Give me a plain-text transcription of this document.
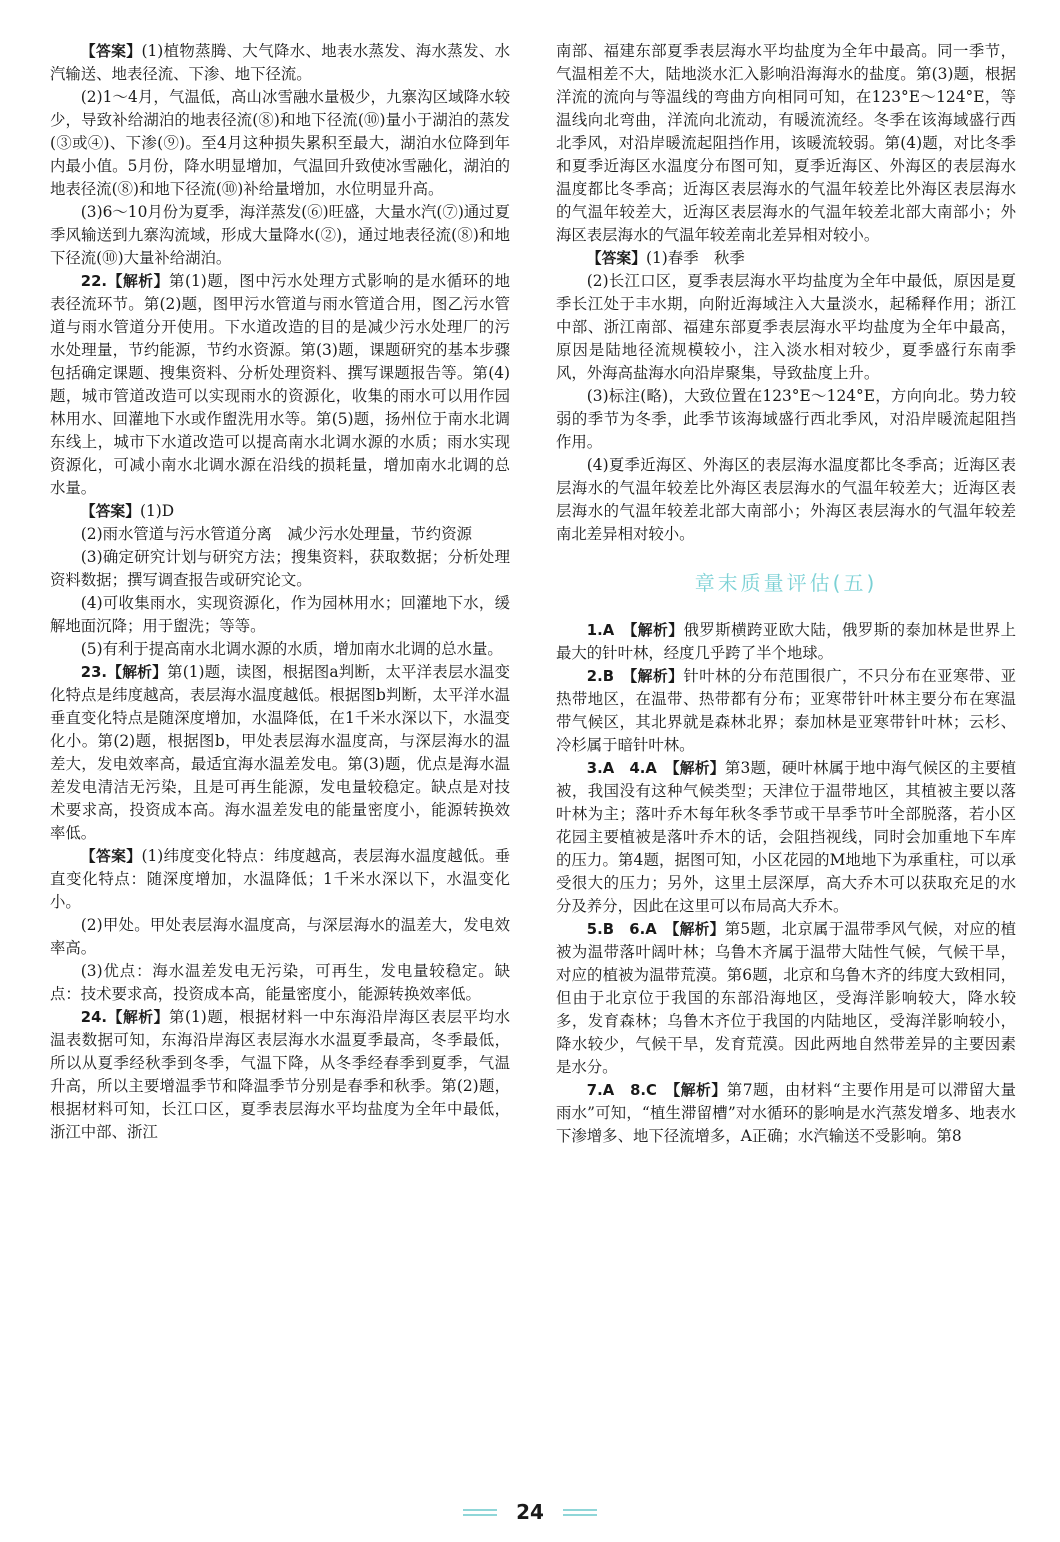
【答案】(1)植物蒸腾、大气降水、地表水蒸发、海水蒸发、水汽输送、地表径流、下渗、地下径流。

(2)1～4月，气温低，高山冰雪融水量极少，九寨沟区域降水较少，导致补给湖泊的地表径流(⑧)和地下径流(⑩)量小于湖泊的蒸发(③或④)、下渗(⑨)。至4月这种损失累积至最大，湖泊水位降到年内最小值。5月份，降水明显增加，气温回升致使冰雪融化，湖泊的地表径流(⑧)和地下径流(⑩)补给量增加，水位明显升高。

(3)6～10月份为夏季，海洋蒸发(⑥)旺盛，大量水汽(⑦)通过夏季风输送到九寨沟流域，形成大量降水(②)，通过地表径流(⑧)和地下径流(⑩)大量补给湖泊。

22.【解析】第(1)题，图中污水处理方式影响的是水循环的地表径流环节。第(2)题，图甲污水管道与雨水管道合用，图乙污水管道与雨水管道分开使用。下水道改造的目的是减少污水处理厂的污水处理量，节约能源，节约水资源。第(3)题，课题研究的基本步骤包括确定课题、搜集资料、分析处理资料、撰写课题报告等。第(4)题，城市管道改造可以实现雨水的资源化，收集的雨水可以用作园林用水、回灌地下水或作盥洗用水等。第(5)题，扬州位于南水北调东线上，城市下水道改造可以提高南水北调水源的水质；雨水实现资源化，可减小南水北调水源在沿线的损耗量，增加南水北调的总水量。

【答案】(1)D

(2)雨水管道与污水管道分离　减少污水处理量，节约资源

(3)确定研究计划与研究方法；搜集资料，获取数据；分析处理资料数据；撰写调查报告或研究论文。

(4)可收集雨水，实现资源化，作为园林用水；回灌地下水，缓解地面沉降；用于盥洗；等等。

(5)有利于提高南水北调水源的水质，增加南水北调的总水量。

23.【解析】第(1)题，读图，根据图a判断，太平洋表层水温变化特点是纬度越高，表层海水温度越低。根据图b判断，太平洋水温垂直变化特点是随深度增加，水温降低，在1千米水深以下，水温变化小。第(2)题，根据图b，甲处表层海水温度高，与深层海水的温差大，发电效率高，最适宜海水温差发电。第(3)题，优点是海水温差发电清洁无污染，且是可再生能源，发电量较稳定。缺点是对技术要求高，投资成本高。海水温差发电的能量密度小，能源转换效率低。

【答案】(1)纬度变化特点：纬度越高，表层海水温度越低。垂直变化特点：随深度增加，水温降低；1千米水深以下，水温变化小。

(2)甲处。甲处表层海水温度高，与深层海水的温差大，发电效率高。

(3)优点：海水温差发电无污染，可再生，发电量较稳定。缺点：技术要求高，投资成本高，能量密度小，能源转换效率低。

24.【解析】第(1)题，根据材料一中东海沿岸海区表层平均水温表数据可知，东海沿岸海区表层海水水温夏季最高，冬季最低，所以从夏季经秋季到冬季，气温下降，从冬季经春季到夏季，气温升高，所以主要增温季节和降温季节分别是春季和秋季。第(2)题，根据材料可知，长江口区，夏季表层海水平均盐度为全年中最低，浙江中部、浙江

南部、福建东部夏季表层海水平均盐度为全年中最高。同一季节，气温相差不大，陆地淡水汇入影响沿海海水的盐度。第(3)题，根据洋流的流向与等温线的弯曲方向相同可知，在123°E～124°E，等温线向北弯曲，洋流向北流动，有暖流流经。冬季在该海域盛行西北季风，对沿岸暖流起阻挡作用，该暖流较弱。第(4)题，对比冬季和夏季近海区水温度分布图可知，夏季近海区、外海区的表层海水温度都比冬季高；近海区表层海水的气温年较差比外海区表层海水的气温年较差大，近海区表层海水的气温年较差北部大南部小；外海区表层海水的气温年较差南北差异相对较小。

【答案】(1)春季　秋季

(2)长江口区，夏季表层海水平均盐度为全年中最低，原因是夏季长江处于丰水期，向附近海域注入大量淡水，起稀释作用；浙江中部、浙江南部、福建东部夏季表层海水平均盐度为全年中最高，原因是陆地径流规模较小，注入淡水相对较少，夏季盛行东南季风，外海高盐海水向沿岸聚集，导致盐度上升。

(3)标注(略)，大致位置在123°E～124°E，方向向北。势力较弱的季节为冬季，此季节该海域盛行西北季风，对沿岸暖流起阻挡作用。

(4)夏季近海区、外海区的表层海水温度都比冬季高；近海区表层海水的气温年较差比外海区表层海水的气温年较差大；近海区表层海水的气温年较差北部大南部小；外海区表层海水的气温年较差南北差异相对较小。

章末质量评估(五)

1.A　【解析】俄罗斯横跨亚欧大陆，俄罗斯的泰加林是世界上最大的针叶林，经度几乎跨了半个地球。

2.B　【解析】针叶林的分布范围很广，不只分布在亚寒带、亚热带地区，在温带、热带都有分布；亚寒带针叶林主要分布在寒温带气候区，其北界就是森林北界；泰加林是亚寒带针叶林；云杉、冷杉属于暗针叶林。

3.A　4.A　【解析】第3题，硬叶林属于地中海气候区的主要植被，我国没有这种气候类型；天津位于温带地区，其植被主要以落叶林为主；落叶乔木每年秋冬季节或干旱季节叶全部脱落，若小区花园主要植被是落叶乔木的话，会阻挡视线，同时会加重地下车库的压力。第4题，据图可知，小区花园的M地地下为承重柱，可以承受很大的压力；另外，这里土层深厚，高大乔木可以获取充足的水分及养分，因此在这里可以布局高大乔木。

5.B　6.A　【解析】第5题，北京属于温带季风气候，对应的植被为温带落叶阔叶林；乌鲁木齐属于温带大陆性气候，气候干旱，对应的植被为温带荒漠。第6题，北京和乌鲁木齐的纬度大致相同，但由于北京位于我国的东部沿海地区，受海洋影响较大，降水较多，发育森林；乌鲁木齐位于我国的内陆地区，受海洋影响较小，降水较少，气候干旱，发育荒漠。因此两地自然带差异的主要因素是水分。

7.A　8.C　【解析】第7题，由材料“主要作用是可以滞留大量雨水”可知，“植生滞留槽”对水循环的影响是水汽蒸发增多、地表水下渗增多、地下径流增多，A正确；水汽输送不受影响。第8

24
